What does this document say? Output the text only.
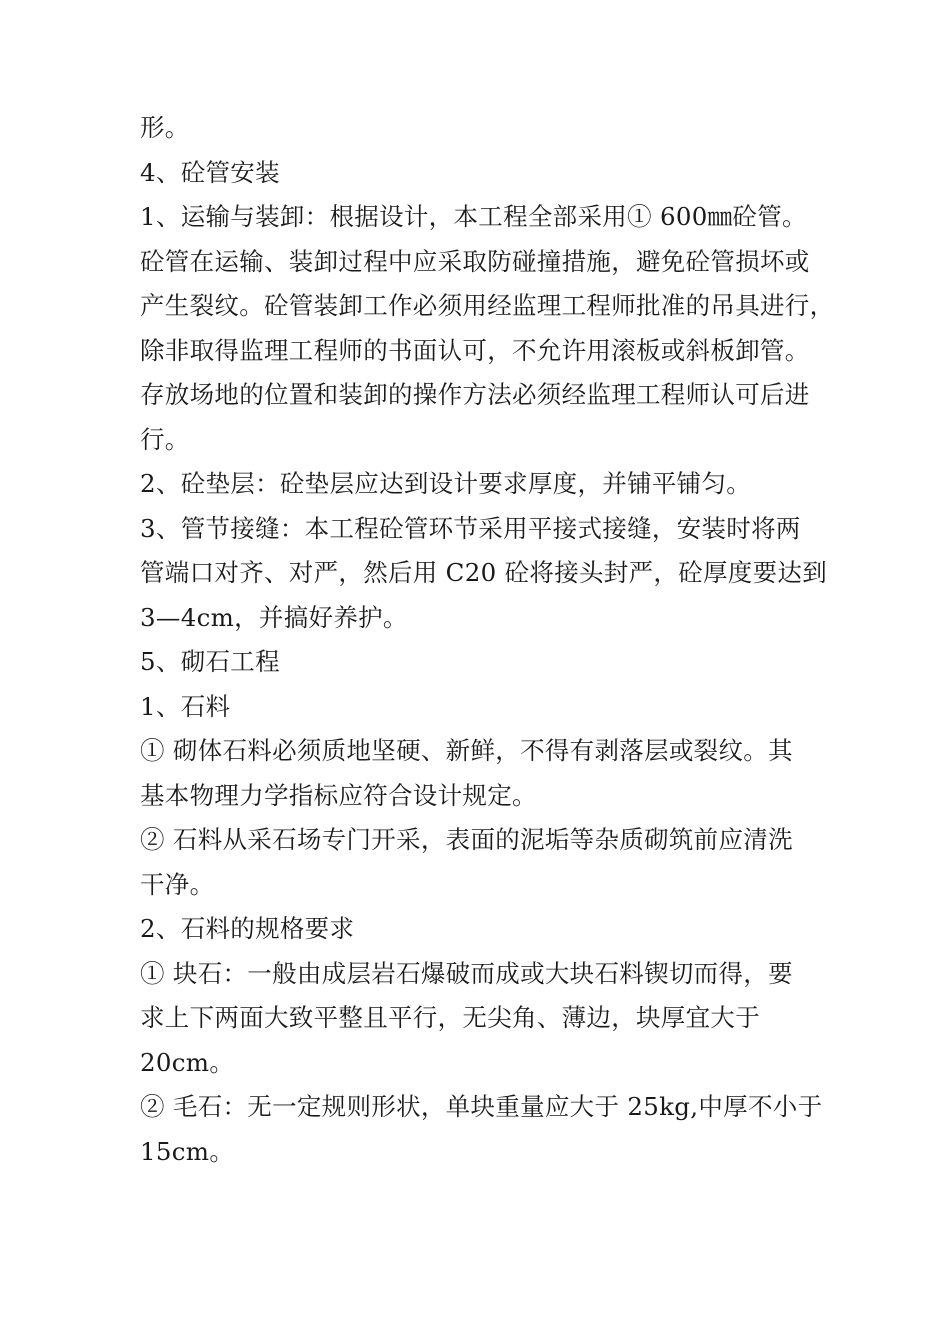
形。
4、砼管安装
1、运输与装卸：根据设计，本工程全部采用① 600㎜砼管。
砼管在运输、装卸过程中应采取防碰撞措施，避免砼管损坏或
产生裂纹。砼管装卸工作必须用经监理工程师批准的吊具进行，
除非取得监理工程师的书面认可，不允许用滚板或斜板卸管。
存放场地的位置和装卸的操作方法必须经监理工程师认可后进
行。
2、砼垫层：砼垫层应达到设计要求厚度，并铺平铺匀。
3、管节接缝：本工程砼管环节采用平接式接缝，安装时将两
管端口对齐、对严，然后用 C20 砼将接头封严，砼厚度要达到
3—4cm，并搞好养护。
5、砌石工程
1、石料
① 砌体石料必须质地坚硬、新鲜，不得有剥落层或裂纹。其
基本物理力学指标应符合设计规定。
② 石料从采石场专门开采，表面的泥垢等杂质砌筑前应清洗
干净。
2、石料的规格要求
① 块石：一般由成层岩石爆破而成或大块石料锲切而得，要
求上下两面大致平整且平行，无尖角、薄边，块厚宜大于
20cm。
② 毛石：无一定规则形状，单块重量应大于 25kg,中厚不小于
15cm。
